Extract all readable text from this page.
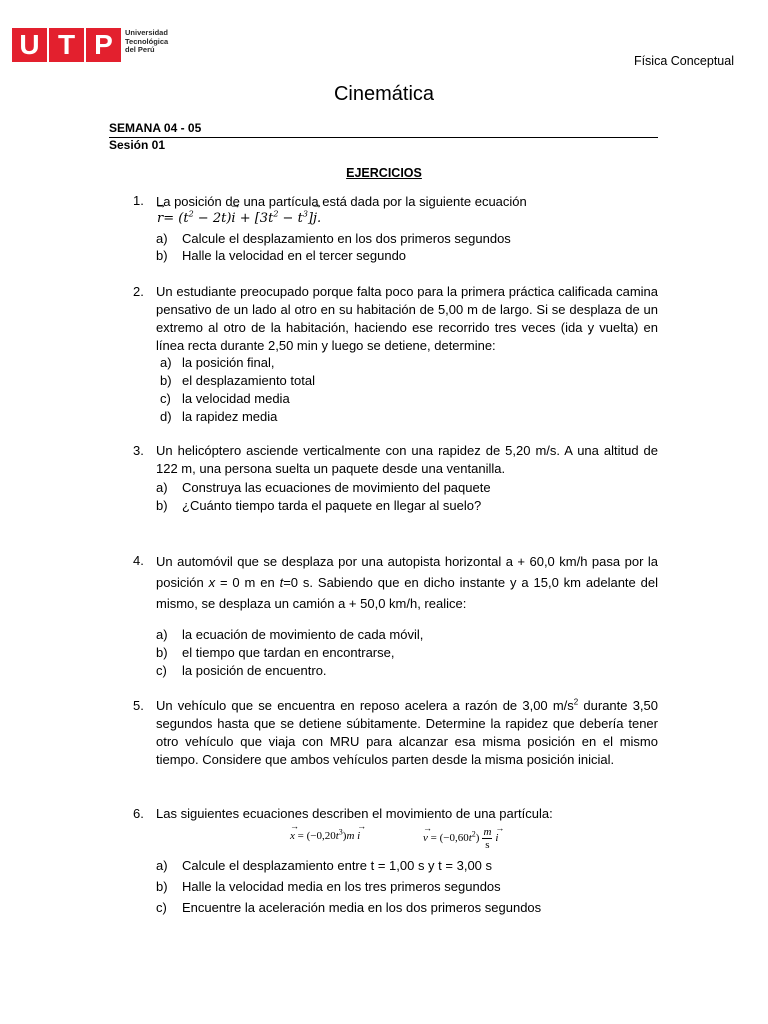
U T P	Universidad
Tecnológica
del Perú
Física Conceptual
Cinemática
SEMANA 04 - 05
Sesión 01
EJERCICIOS
1. La posición de una partícula está dada por la siguiente ecuación
→ $r= (t^2 - 2t)\to i + [3t^2 - t^3]\to j$.
a) Calcule el desplazamiento en los dos primeros segundos
b) Halle la velocidad en el tercer segundo
2. Un estudiante preocupado porque falta poco para la primera práctica calificada camina pensativo de un lado al otro en su habitación de 5,00 m de largo. Si se desplaza de un extremo al otro de la habitación, haciendo ese recorrido tres veces (ida y vuelta) en línea recta durante 2,50 min y luego se detiene, determine:
a) la posición final,
b) el desplazamiento total
c) la velocidad media
d) la rapidez media
3. Un helicóptero asciende verticalmente con una rapidez de 5,20 m/s. A una altitud de 122 m, una persona suelta un paquete desde una ventanilla.
a) Construya las ecuaciones de movimiento del paquete
b) ¿Cuánto tiempo tarda el paquete en llegar al suelo?
4. Un automóvil que se desplaza por una autopista horizontal a + 60,0 km/h pasa por la posición x = 0 m en t=0 s. Sabiendo que en dicho instante y a 15,0 km adelante del mismo, se desplaza un camión a + 50,0 km/h, realice:
a) la ecuación de movimiento de cada móvil,
b) el tiempo que tardan en encontrarse,
c) la posición de encuentro.
5. Un vehículo que se encuentra en reposo acelera a razón de 3,00 $m/s^2$ durante 3,50 segundos hasta que se detiene súbitamente. Determine la rapidez que debería tener otro vehículo que viaja con MRU para alcanzar esa misma posición en el mismo tiempo. Considere que ambos vehículos parten desde la misma posición inicial.
6. Las siguientes ecuaciones describen el movimiento de una partícula:
→ $x = (-0,20t^3)m \to i$
→	$v = (-0,60t^2) \frac{m}{s}$
→ i
a) Calcule el desplazamiento entre t = 1,00 s y t = 3,00 s
b) Halle la velocidad media en los tres primeros segundos
c) Encuentre la aceleración media en los dos primeros segundos
